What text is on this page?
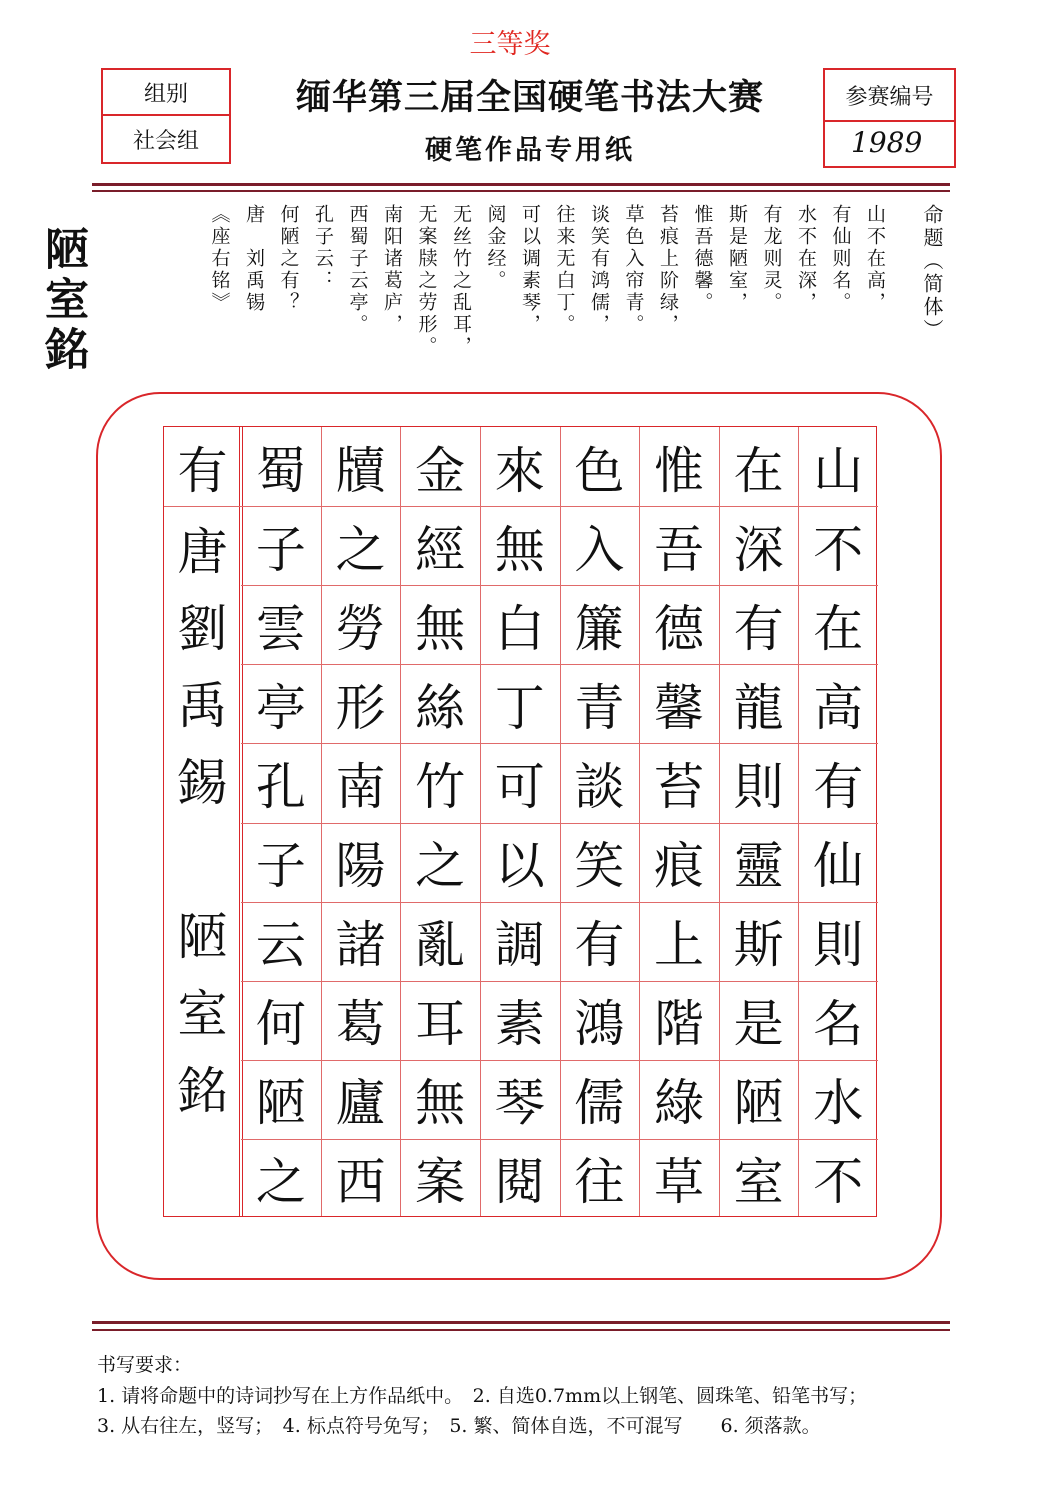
三等奖
组别
社会组
缅华第三届全国硬笔书法大赛
硬笔作品专用纸
参赛编号
1989
山不在高，
有仙则名。
水不在深，
有龙则灵。
斯是陋室，
惟吾德馨。
苔痕上阶绿，
草色入帘青。
谈笑有鸿儒，
往来无白丁。
可以调素琴，
阅金经。
无丝竹之乱耳，
无案牍之劳形。
南阳诸葛庐，
西蜀子云亭。
孔子云：
何陋之有？
唐　刘禹锡
《座右铭》	命题（简体）
陋室銘
山
不
在
高
有
仙
則
名
水
不
在
深
有
龍
則
靈
斯
是
陋
室
惟
吾
德
馨
苔
痕
上
階
綠
草
色
入
簾
青
談
笑
有
鴻
儒
往
來
無
白
丁
可
以
調
素
琴
閱
金
經
無
絲
竹
之
亂
耳
無
案
牘
之
勞
形
南
陽
諸
葛
廬
西
蜀
子
雲
亭
孔
子
云
何
陋
之
有
唐
劉
禹
錫
陋
室
銘
书写要求：
1. 请将命题中的诗词抄写在上方作品纸中。　2. 自选0.7mm以上钢笔、圆珠笔、铅笔书写；
3. 从右往左，竖写；　4. 标点符号免写；　5. 繁、简体自选，不可混写　　6. 须落款。
